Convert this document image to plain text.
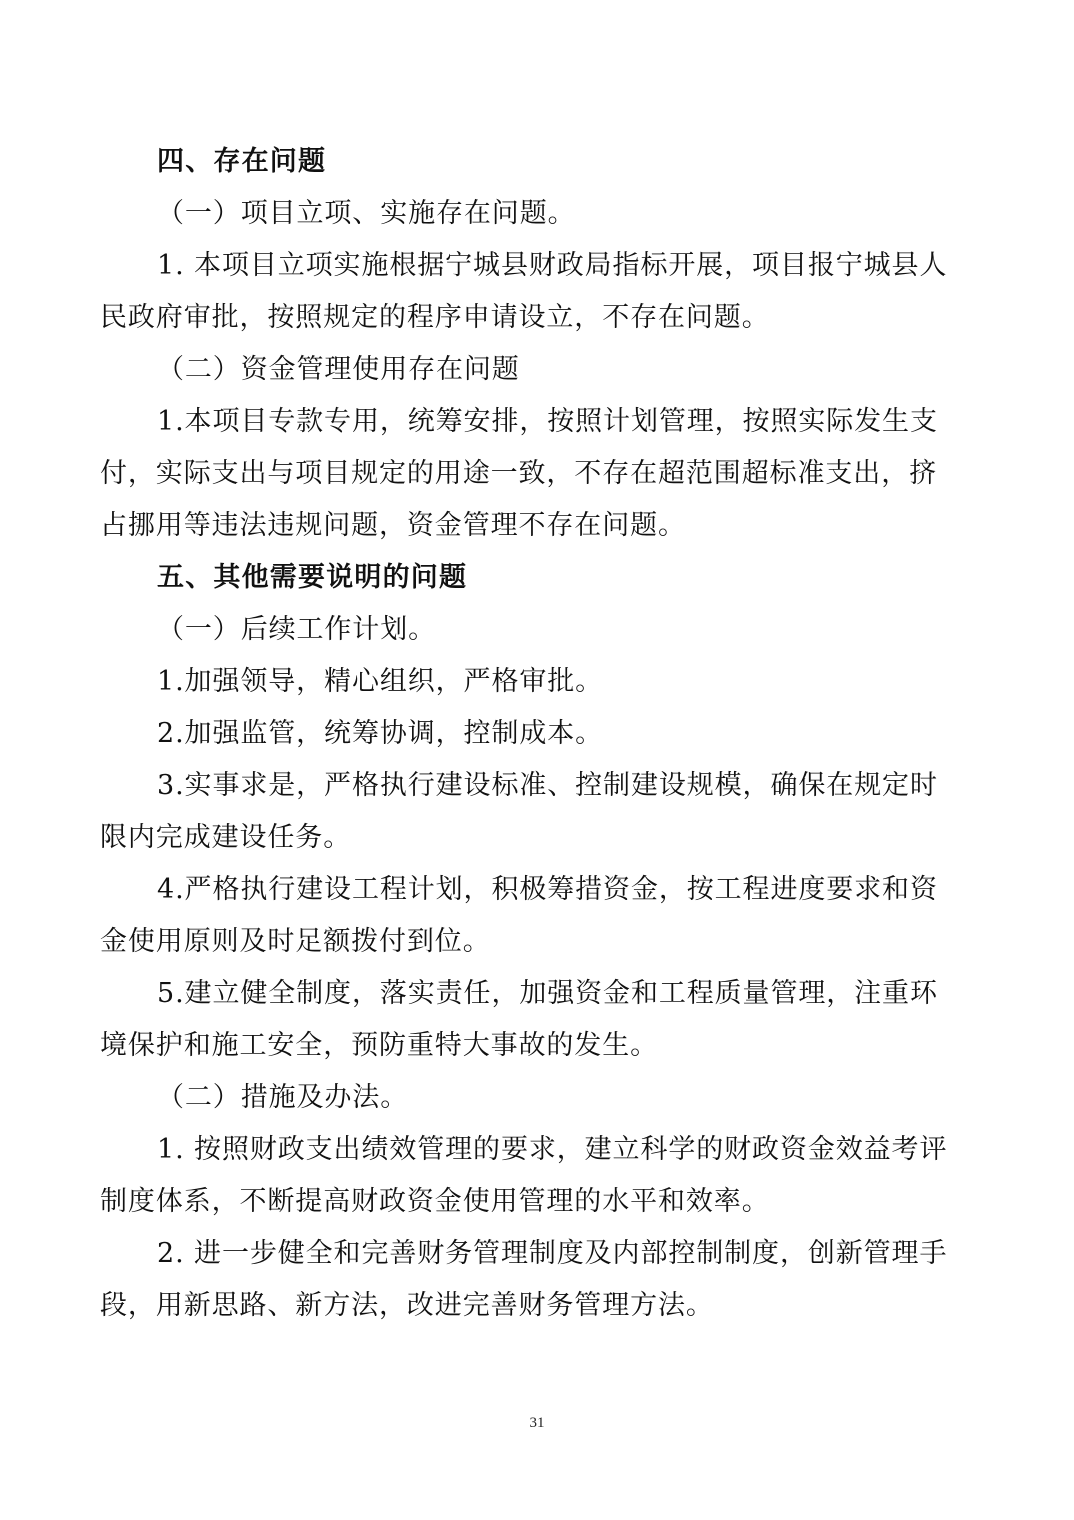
四、存在问题
（一）项目立项、实施存在问题。
1. 本项目立项实施根据宁城县财政局指标开展，项目报宁城县人
民政府审批，按照规定的程序申请设立，不存在问题。
（二）资金管理使用存在问题
1.本项目专款专用，统筹安排，按照计划管理，按照实际发生支
付，实际支出与项目规定的用途一致，不存在超范围超标准支出，挤
占挪用等违法违规问题，资金管理不存在问题。
五、其他需要说明的问题
（一）后续工作计划。
1.加强领导，精心组织，严格审批。
2.加强监管，统筹协调，控制成本。
3.实事求是，严格执行建设标准、控制建设规模，确保在规定时
限内完成建设任务。
4.严格执行建设工程计划，积极筹措资金，按工程进度要求和资
金使用原则及时足额拨付到位。
5.建立健全制度，落实责任，加强资金和工程质量管理，注重环
境保护和施工安全，预防重特大事故的发生。
（二）措施及办法。
1. 按照财政支出绩效管理的要求，建立科学的财政资金效益考评
制度体系，不断提高财政资金使用管理的水平和效率。
2. 进一步健全和完善财务管理制度及内部控制制度，创新管理手
段，用新思路、新方法，改进完善财务管理方法。
31
